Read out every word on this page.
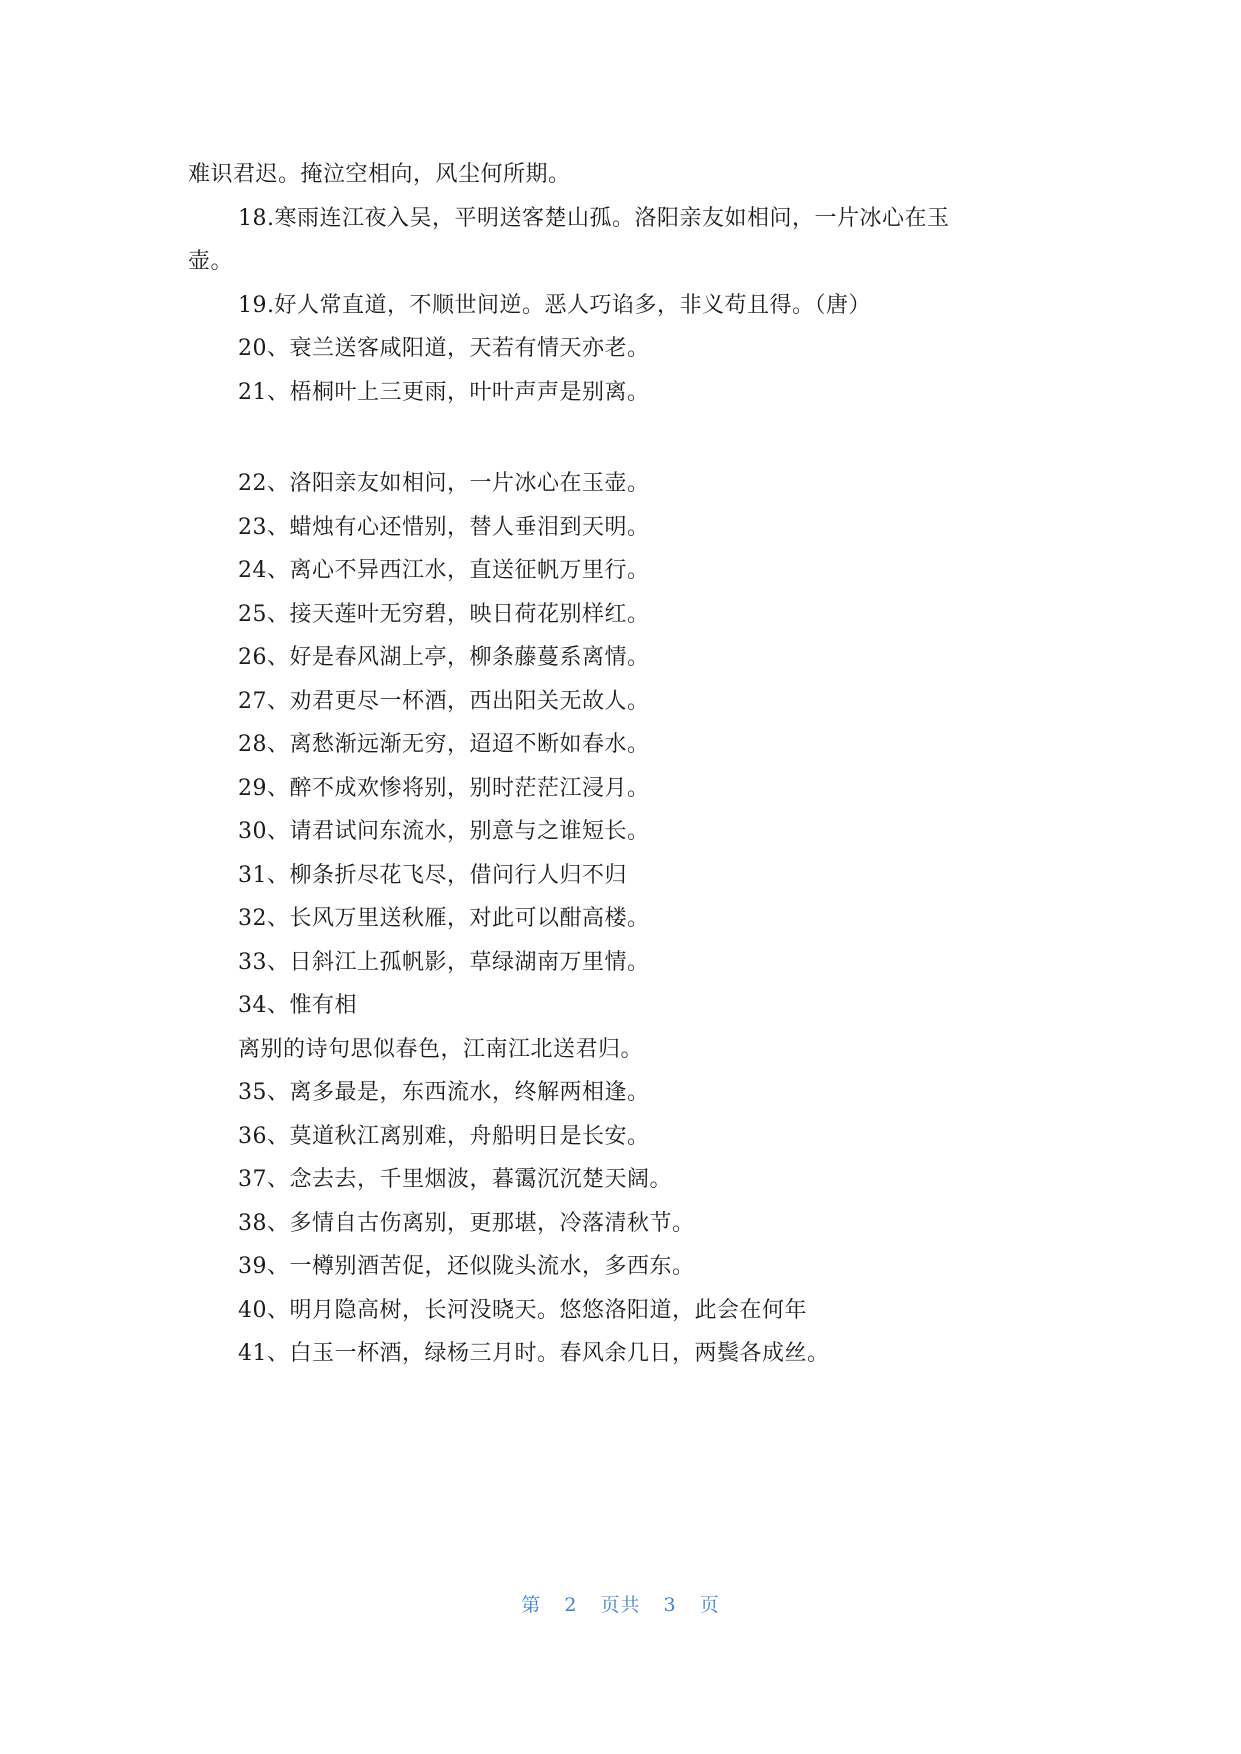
难识君迟。掩泣空相向，风尘何所期。
18.寒雨连江夜入吴，平明送客楚山孤。洛阳亲友如相问，一片冰心在玉
壶。
19.好人常直道，不顺世间逆。恶人巧谄多，非义苟且得。（唐）
20、衰兰送客咸阳道，天若有情天亦老。
21、梧桐叶上三更雨，叶叶声声是别离。
22、洛阳亲友如相问，一片冰心在玉壶。
23、蜡烛有心还惜别，替人垂泪到天明。
24、离心不异西江水，直送征帆万里行。
25、接天莲叶无穷碧，映日荷花别样红。
26、好是春风湖上亭，柳条藤蔓系离情。
27、劝君更尽一杯酒，西出阳关无故人。
28、离愁渐远渐无穷，迢迢不断如春水。
29、醉不成欢惨将别，别时茫茫江浸月。
30、请君试问东流水，别意与之谁短长。
31、柳条折尽花飞尽，借问行人归不归
32、长风万里送秋雁，对此可以酣高楼。
33、日斜江上孤帆影，草绿湖南万里情。
34、惟有相
离别的诗句思似春色，江南江北送君归。
35、离多最是，东西流水，终解两相逢。
36、莫道秋江离别难，舟船明日是长安。
37、念去去，千里烟波，暮霭沉沉楚天阔。
38、多情自古伤离别，更那堪，冷落清秋节。
39、一樽别酒苦促，还似陇头流水，多西东。
40、明月隐高树，长河没晓天。悠悠洛阳道，此会在何年
41、白玉一杯酒，绿杨三月时。春风余几日，两鬓各成丝。
第 2 页共 3 页
